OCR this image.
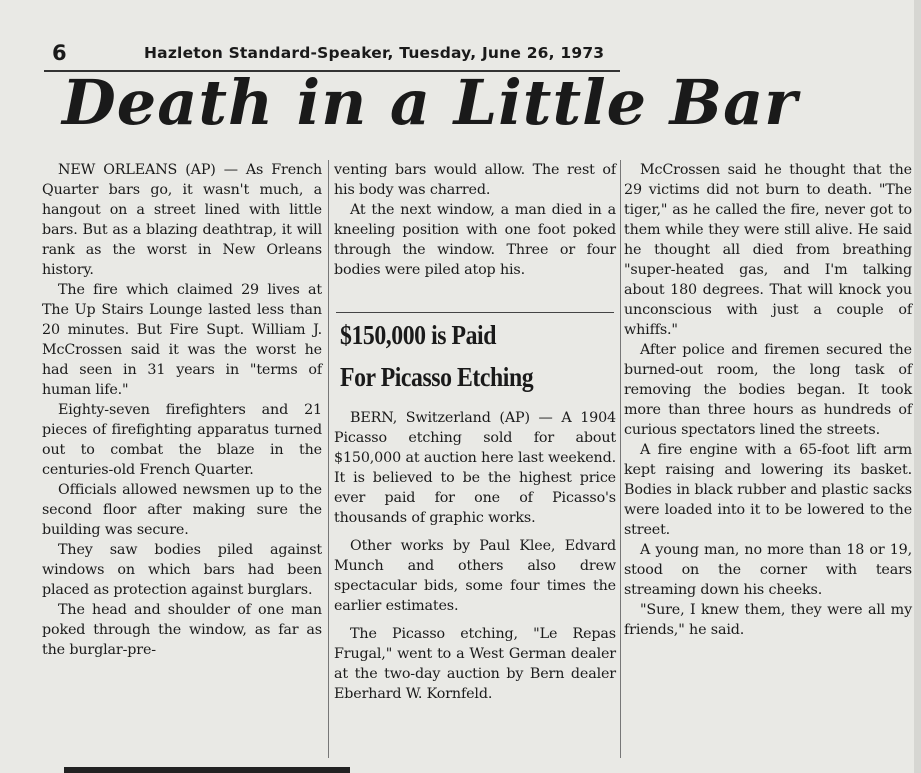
6	Hazleton Standard-Speaker, Tuesday, June 26, 1973
Death in a Little Bar

NEW ORLEANS (AP) — As French Quarter bars go, it wasn't much, a hangout on a street lined with little bars. But as a blazing deathtrap, it will rank as the worst in New Orleans history.

The fire which claimed 29 lives at The Up Stairs Lounge lasted less than 20 minutes. But Fire Supt. William J. McCrossen said it was the worst he had seen in 31 years in "terms of human life."

Eighty-seven firefighters and 21 pieces of firefighting apparatus turned out to combat the blaze in the centuries-old French Quarter.

Officials allowed newsmen up to the second floor after making sure the building was secure.

They saw bodies piled against windows on which bars had been placed as protection against burglars.

The head and shoulder of one man poked through the window, as far as the burglar-pre-

venting bars would allow. The rest of his body was charred.

At the next window, a man died in a kneeling position with one foot poked through the window. Three or four bodies were piled atop his.

$150,000 is Paid
For Picasso Etching

BERN, Switzerland (AP) — A 1904 Picasso etching sold for about $150,000 at auction here last weekend. It is believed to be the highest price ever paid for one of Picasso's thousands of graphic works.

Other works by Paul Klee, Edvard Munch and others also drew spectacular bids, some four times the earlier estimates.

The Picasso etching, "Le Repas Frugal," went to a West German dealer at the two-day auction by Bern dealer Eberhard W. Kornfeld.

McCrossen said he thought that the 29 victims did not burn to death. "The tiger," as he called the fire, never got to them while they were still alive. He said he thought all died from breathing "super-heated gas, and I'm talking about 180 degrees. That will knock you unconscious with just a couple of whiffs."

After police and firemen secured the burned-out room, the long task of removing the bodies began. It took more than three hours as hundreds of curious spectators lined the streets.

A fire engine with a 65-foot lift arm kept raising and lowering its basket. Bodies in black rubber and plastic sacks were loaded into it to be lowered to the street.

A young man, no more than 18 or 19, stood on the corner with tears streaming down his cheeks.

"Sure, I knew them, they were all my friends," he said.
